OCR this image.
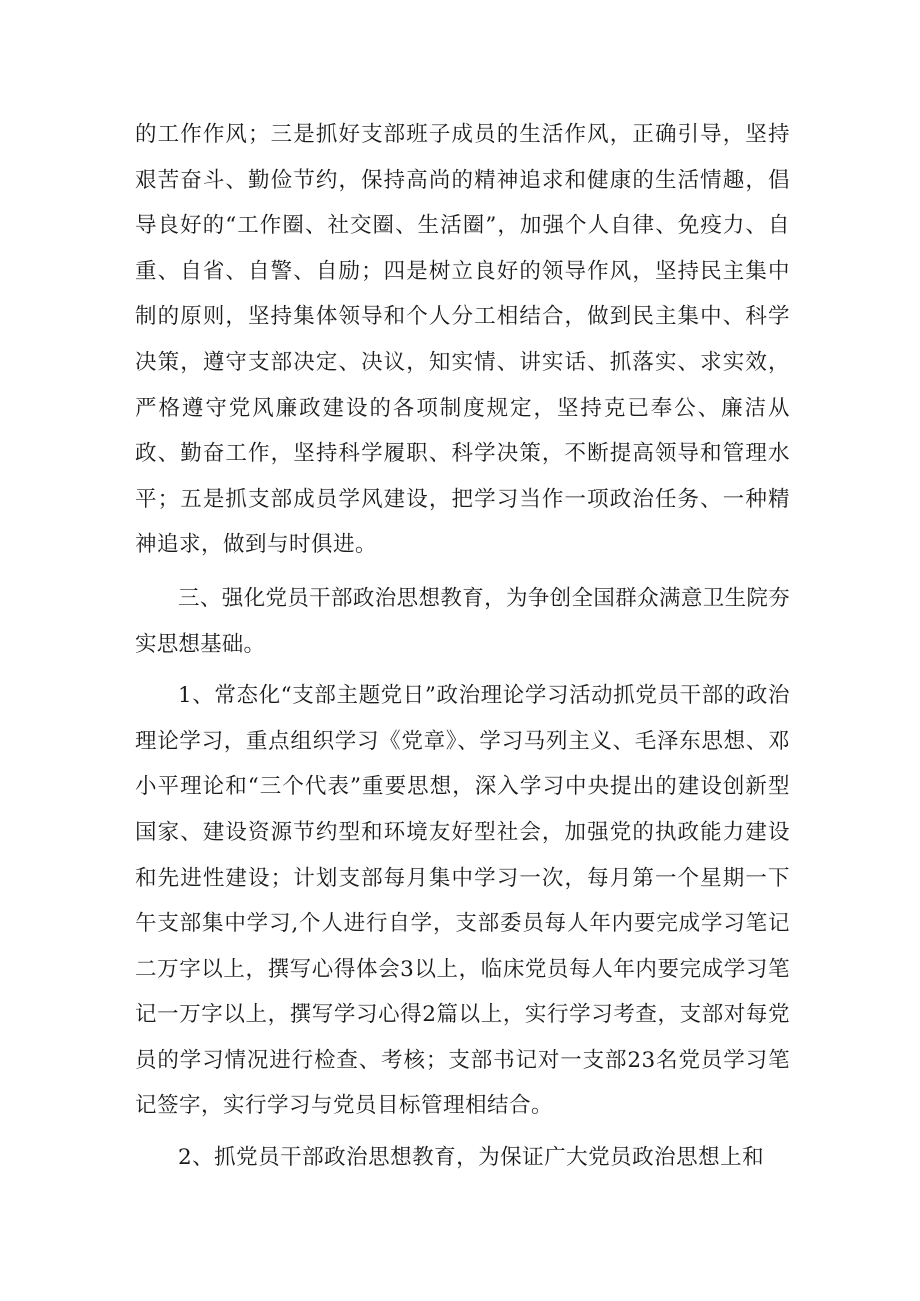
的工作作风；三是抓好支部班子成员的生活作风，正确引导，坚持艰苦奋斗、勤俭节约，保持高尚的精神追求和健康的生活情趣，倡导良好的“工作圈、社交圈、生活圈”，加强个人自律、免疫力、自重、自省、自警、自励；四是树立良好的领导作风，坚持民主集中制的原则，坚持集体领导和个人分工相结合，做到民主集中、科学决策，遵守支部决定、决议，知实情、讲实话、抓落实、求实效，严格遵守党风廉政建设的各项制度规定，坚持克已奉公、廉洁从政、勤奋工作，坚持科学履职、科学决策，不断提高领导和管理水平；五是抓支部成员学风建设，把学习当作一项政治任务、一种精神追求，做到与时俱进。

三、强化党员干部政治思想教育，为争创全国群众满意卫生院夯实思想基础。

1、常态化“支部主题党日”政治理论学习活动抓党员干部的政治理论学习，重点组织学习《党章》、学习马列主义、毛泽东思想、邓小平理论和“三个代表”重要思想，深入学习中央提出的建设创新型国家、建设资源节约型和环境友好型社会，加强党的执政能力建设和先进性建设；计划支部每月集中学习一次，每月第一个星期一下午支部集中学习,个人进行自学，支部委员每人年内要完成学习笔记二万字以上，撰写心得体会3以上，临床党员每人年内要完成学习笔记一万字以上，撰写学习心得2篇以上，实行学习考查，支部对每党员的学习情况进行检查、考核；支部书记对一支部23名党员学习笔记签字，实行学习与党员目标管理相结合。

2、抓党员干部政治思想教育，为保证广大党员政治思想上和
